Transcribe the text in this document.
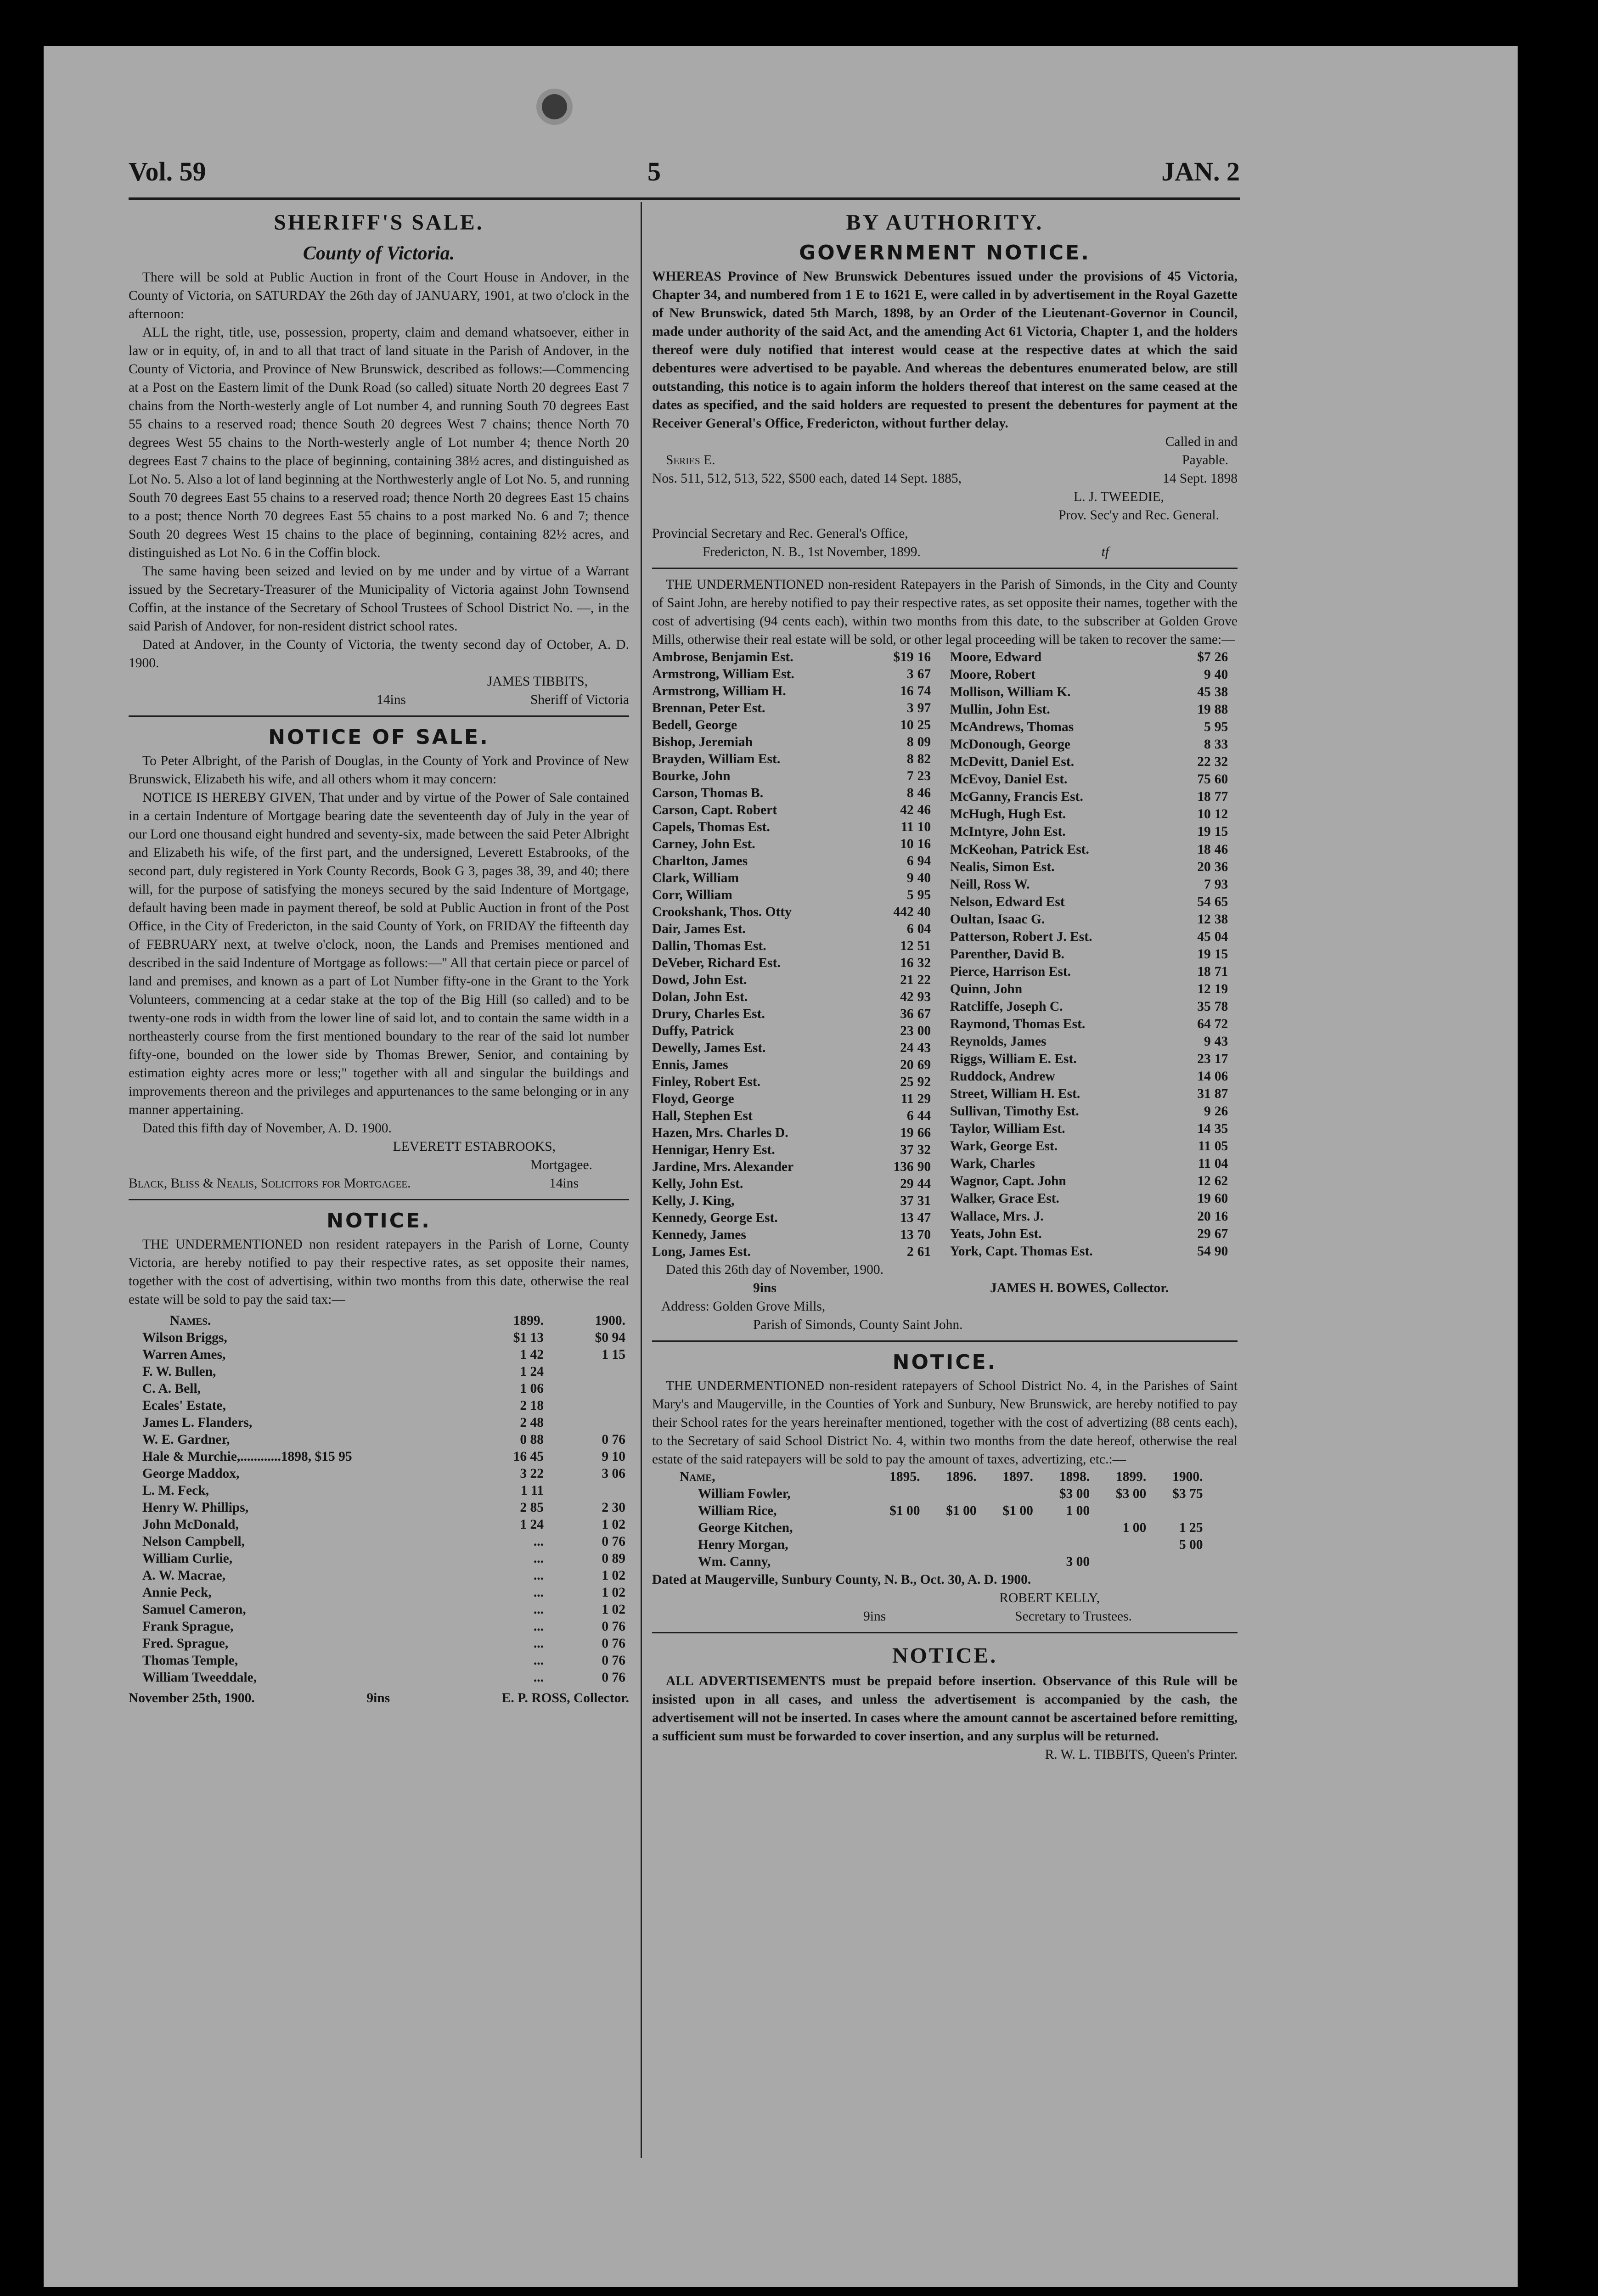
Vol. 59	5	JAN. 2
SHERIFF'S SALE.
County of Victoria.

There will be sold at Public Auction in front of the Court House in Andover, in the County of Victoria, on SATURDAY the 26th day of JANUARY, 1901, at two o'clock in the afternoon:

ALL the right, title, use, possession, property, claim and demand whatsoever, either in law or in equity, of, in and to all that tract of land situate in the Parish of Andover, in the County of Victoria, and Province of New Brunswick, described as follows:—Commencing at a Post on the Eastern limit of the Dunk Road (so called) situate North 20 degrees East 7 chains from the North-westerly angle of Lot number 4, and running South 70 degrees East 55 chains to a reserved road; thence South 20 degrees West 7 chains; thence North 70 degrees West 55 chains to the North-westerly angle of Lot number 4; thence North 20 degrees East 7 chains to the place of beginning, containing 38½ acres, and distinguished as Lot No. 5. Also a lot of land beginning at the Northwesterly angle of Lot No. 5, and running South 70 degrees East 55 chains to a reserved road; thence North 20 degrees East 15 chains to a post; thence North 70 degrees East 55 chains to a post marked No. 6 and 7; thence South 20 degrees West 15 chains to the place of beginning, containing 82½ acres, and distinguished as Lot No. 6 in the Coffin block.

The same having been seized and levied on by me under and by virtue of a Warrant issued by the Secretary-Treasurer of the Municipality of Victoria against John Townsend Coffin, at the instance of the Secretary of School Trustees of School District No. —, in the said Parish of Andover, for non-resident district school rates.

Dated at Andover, in the County of Victoria, the twenty second day of October, A. D. 1900.

JAMES TIBBITS,
14ins	Sheriff of Victoria
NOTICE OF SALE.

To Peter Albright, of the Parish of Douglas, in the County of York and Province of New Brunswick, Elizabeth his wife, and all others whom it may concern:

NOTICE IS HEREBY GIVEN, That under and by virtue of the Power of Sale contained in a certain Indenture of Mortgage bearing date the seventeenth day of July in the year of our Lord one thousand eight hundred and seventy-six, made between the said Peter Albright and Elizabeth his wife, of the first part, and the undersigned, Leverett Estabrooks, of the second part, duly registered in York County Records, Book G 3, pages 38, 39, and 40; there will, for the purpose of satisfying the moneys secured by the said Indenture of Mortgage, default having been made in payment thereof, be sold at Public Auction in front of the Post Office, in the City of Fredericton, in the said County of York, on FRIDAY the fifteenth day of FEBRUARY next, at twelve o'clock, noon, the Lands and Premises mentioned and described in the said Indenture of Mortgage as follows:—" All that certain piece or parcel of land and premises, and known as a part of Lot Number fifty-one in the Grant to the York Volunteers, commencing at a cedar stake at the top of the Big Hill (so called) and to be twenty-one rods in width from the lower line of said lot, and to contain the same width in a northeasterly course from the first mentioned boundary to the rear of the said lot number fifty-one, bounded on the lower side by Thomas Brewer, Senior, and containing by estimation eighty acres more or less;" together with all and singular the buildings and improvements thereon and the privileges and appurtenances to the same belonging or in any manner appertaining.

Dated this fifth day of November, A. D. 1900.

LEVERETT ESTABROOKS,
Mortgagee.
Black, Bliss & Nealis, Solicitors for Mortgagee.	14ins
NOTICE.

THE UNDERMENTIONED non resident ratepayers in the Parish of Lorne, County Victoria, are hereby notified to pay their respective rates, as set opposite their names, together with the cost of advertising, within two months from this date, otherwise the real estate will be sold to pay the said tax:—

Names.	1899.	1900.
Wilson Briggs,	$1 13	$0 94
Warren Ames,	1 42	1 15
F. W. Bullen,	1 24	
C. A. Bell,	1 06	
Ecales' Estate,	2 18	
James L. Flanders,	2 48	
W. E. Gardner,	0 88	0 76
Hale & Murchie,............1898, $15 95	16 45	9 10
George Maddox,	3 22	3 06
L. M. Feck,	1 11	
Henry W. Phillips,	2 85	2 30
John McDonald,	1 24	1 02
Nelson Campbell,	...	0 76
William Curlie,	...	0 89
A. W. Macrae,	...	1 02
Annie Peck,	...	1 02
Samuel Cameron,	...	1 02
Frank Sprague,	...	0 76
Fred. Sprague,	...	0 76
Thomas Temple,	...	0 76
William Tweeddale,	...	0 76
November 25th, 1900.	9ins	E. P. ROSS, Collector.
BY AUTHORITY.
GOVERNMENT NOTICE.

WHEREAS Province of New Brunswick Debentures issued under the provisions of 45 Victoria, Chapter 34, and numbered from 1 E to 1621 E, were called in by advertisement in the Royal Gazette of New Brunswick, dated 5th March, 1898, by an Order of the Lieutenant-Governor in Council, made under authority of the said Act, and the amending Act 61 Victoria, Chapter 1, and the holders thereof were duly notified that interest would cease at the respective dates at which the said debentures were advertised to be payable. And whereas the debentures enumerated below, are still outstanding, this notice is to again inform the holders thereof that interest on the same ceased at the dates as specified, and the said holders are requested to present the debentures for payment at the Receiver General's Office, Fredericton, without further delay.

Called in and
Series E.	Payable.
Nos. 511, 512, 513, 522, $500 each, dated 14 Sept. 1885,	14 Sept. 1898
L. J. TWEEDIE,
Prov. Sec'y and Rec. General.
Provincial Secretary and Rec. General's Office,
Fredericton, N. B., 1st November, 1899.	tf

THE UNDERMENTIONED non-resident Ratepayers in the Parish of Simonds, in the City and County of Saint John, are hereby notified to pay their respective rates, as set opposite their names, together with the cost of advertising (94 cents each), within two months from this date, to the subscriber at Golden Grove Mills, otherwise their real estate will be sold, or other legal proceeding will be taken to recover the same:—

Ambrose, Benjamin Est.	$19	16
Armstrong, William Est.	3	67
Armstrong, William H.	16	74
Brennan, Peter Est.	3	97
Bedell, George	10	25
Bishop, Jeremiah	8	09
Brayden, William Est.	8	82
Bourke, John	7	23
Carson, Thomas B.	8	46
Carson, Capt. Robert	42	46
Capels, Thomas Est.	11	10
Carney, John Est.	10	16
Charlton, James	6	94
Clark, William	9	40
Corr, William	5	95
Crookshank, Thos. Otty	442	40
Dair, James Est.	6	04
Dallin, Thomas Est.	12	51
DeVeber, Richard Est.	16	32
Dowd, John Est.	21	22
Dolan, John Est.	42	93
Drury, Charles Est.	36	67
Duffy, Patrick	23	00
Dewelly, James Est.	24	43
Ennis, James	20	69
Finley, Robert Est.	25	92
Floyd, George	11	29
Hall, Stephen Est	6	44
Hazen, Mrs. Charles D.	19	66
Hennigar, Henry Est.	37	32
Jardine, Mrs. Alexander	136	90
Kelly, John Est.	29	44
Kelly, J. King,	37	31
Kennedy, George Est.	13	47
Kennedy, James	13	70
Long, James Est.	2	61
Moore, Edward	$7	26
Moore, Robert	9	40
Mollison, William K.	45	38
Mullin, John Est.	19	88
McAndrews, Thomas	5	95
McDonough, George	8	33
McDevitt, Daniel Est.	22	32
McEvoy, Daniel Est.	75	60
McGanny, Francis Est.	18	77
McHugh, Hugh Est.	10	12
McIntyre, John Est.	19	15
McKeohan, Patrick Est.	18	46
Nealis, Simon Est.	20	36
Neill, Ross W.	7	93
Nelson, Edward Est	54	65
Oultan, Isaac G.	12	38
Patterson, Robert J. Est.	45	04
Parenther, David B.	19	15
Pierce, Harrison Est.	18	71
Quinn, John	12	19
Ratcliffe, Joseph C.	35	78
Raymond, Thomas Est.	64	72
Reynolds, James	9	43
Riggs, William E. Est.	23	17
Ruddock, Andrew	14	06
Street, William H. Est.	31	87
Sullivan, Timothy Est.	9	26
Taylor, William Est.	14	35
Wark, George Est.	11	05
Wark, Charles	11	04
Wagnor, Capt. John	12	62
Walker, Grace Est.	19	60
Wallace, Mrs. J.	20	16
Yeats, John Est.	29	67
York, Capt. Thomas Est.	54	90

Dated this 26th day of November, 1900.

9ins	JAMES H. BOWES, Collector.
Address: Golden Grove Mills,
Parish of Simonds, County Saint John.
NOTICE.

THE UNDERMENTIONED non-resident ratepayers of School District No. 4, in the Parishes of Saint Mary's and Maugerville, in the Counties of York and Sunbury, New Brunswick, are hereby notified to pay their School rates for the years hereinafter mentioned, together with the cost of advertizing (88 cents each), to the Secretary of said School District No. 4, within two months from the date hereof, otherwise the real estate of the said ratepayers will be sold to pay the amount of taxes, advertizing, etc.:—

Name,	1895.	1896.	1897.	1898.	1899.	1900.
William Fowler,				$3 00	$3 00	$3 75
William Rice,	$1 00	$1 00	$1 00	1 00		
George Kitchen,					1 00	1 25
Henry Morgan,						5 00
Wm. Canny,				3 00		

Dated at Maugerville, Sunbury County, N. B., Oct. 30, A. D. 1900.

ROBERT KELLY,
9ins	Secretary to Trustees.
NOTICE.

ALL ADVERTISEMENTS must be prepaid before insertion. Observance of this Rule will be insisted upon in all cases, and unless the advertisement is accompanied by the cash, the advertisement will not be inserted. In cases where the amount cannot be ascertained before remitting, a sufficient sum must be forwarded to cover insertion, and any surplus will be returned.

R. W. L. TIBBITS, Queen's Printer.
